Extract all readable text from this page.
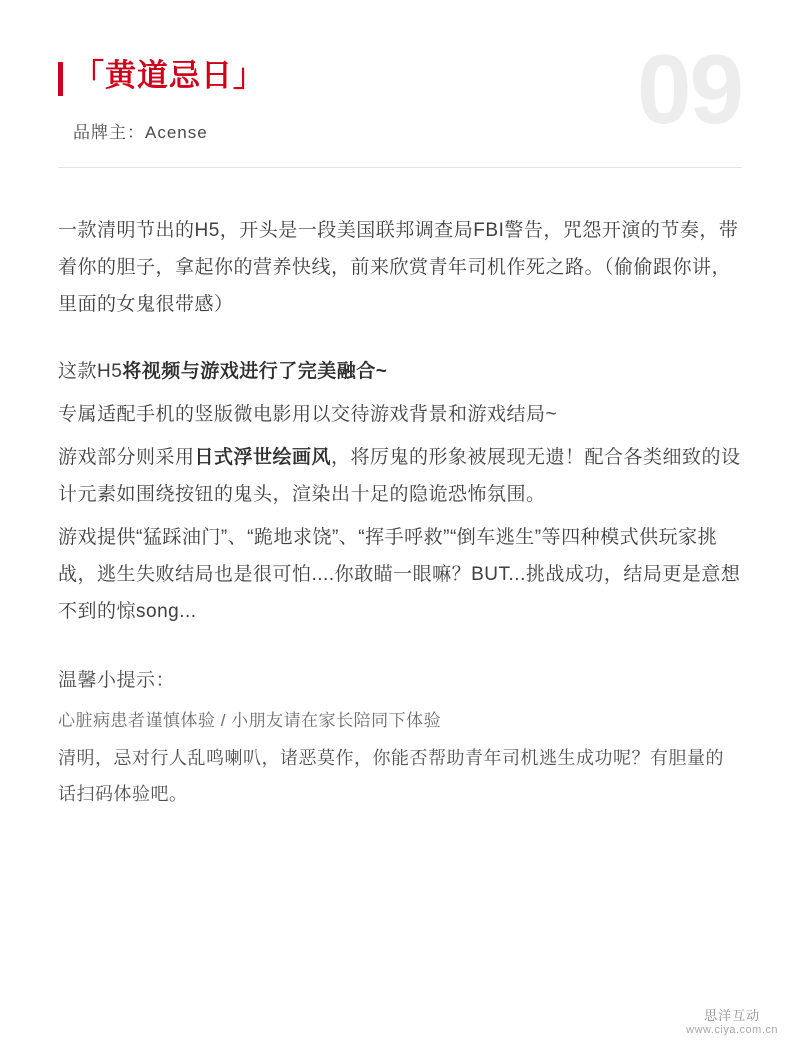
09
「黄道忌日」
品牌主：Acense

一款清明节出的H5，开头是一段美国联邦调查局FBI警告，咒怨开演的节奏，带着你的胆子，拿起你的营养快线，前来欣赏青年司机作死之路。（偷偷跟你讲，里面的女鬼很带感）

这款H5将视频与游戏进行了完美融合~

专属适配手机的竖版微电影用以交待游戏背景和游戏结局~

游戏部分则采用日式浮世绘画风，将厉鬼的形象被展现无遗！配合各类细致的设计元素如围绕按钮的鬼头，渲染出十足的隐诡恐怖氛围。

游戏提供“猛踩油门”、“跪地求饶”、“挥手呼救”“倒车逃生”等四种模式供玩家挑战，逃生失败结局也是很可怕....你敢瞄一眼嘛？BUT...挑战成功，结局更是意想不到的惊song...

温馨小提示：

心脏病患者谨慎体验 / 小朋友请在家长陪同下体验

清明，忌对行人乱鸣喇叭，诸恶莫作，你能否帮助青年司机逃生成功呢？有胆量的话扫码体验吧。

思洋互动
www.ciya.com.cn
